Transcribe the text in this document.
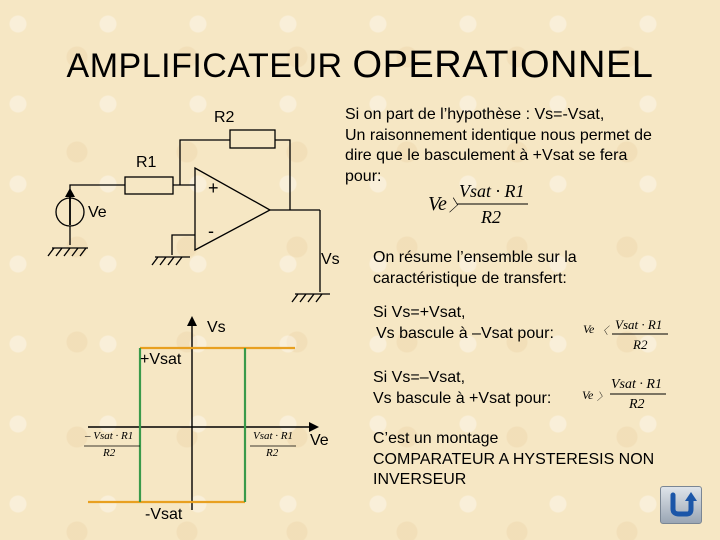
AMPLIFICATEUR OPERATIONNEL
R2
R1
Ve
+
-
Vs
Si on part de l’hypothèse : Vs=-Vsat,
Un raisonnement identique nous permet de
dire que le basculement à +Vsat se fera
pour:
Ve 〉
Vsat · R1
R2
On résume l’ensemble sur la
caractéristique de transfert:
Si Vs=+Vsat,
Vs bascule à –Vsat pour: Ve 〈 Vsat · R1
R2
Si Vs=–Vsat,
Vs bascule à +Vsat pour:	Ve 〉
Vsat · R1
R2
Vs
+Vsat
-Vsat
Ve
– Vsat · R1
R2
Vsat · R1
R2
C’est un montage
COMPARATEUR A HYSTERESIS NON
INVERSEUR
